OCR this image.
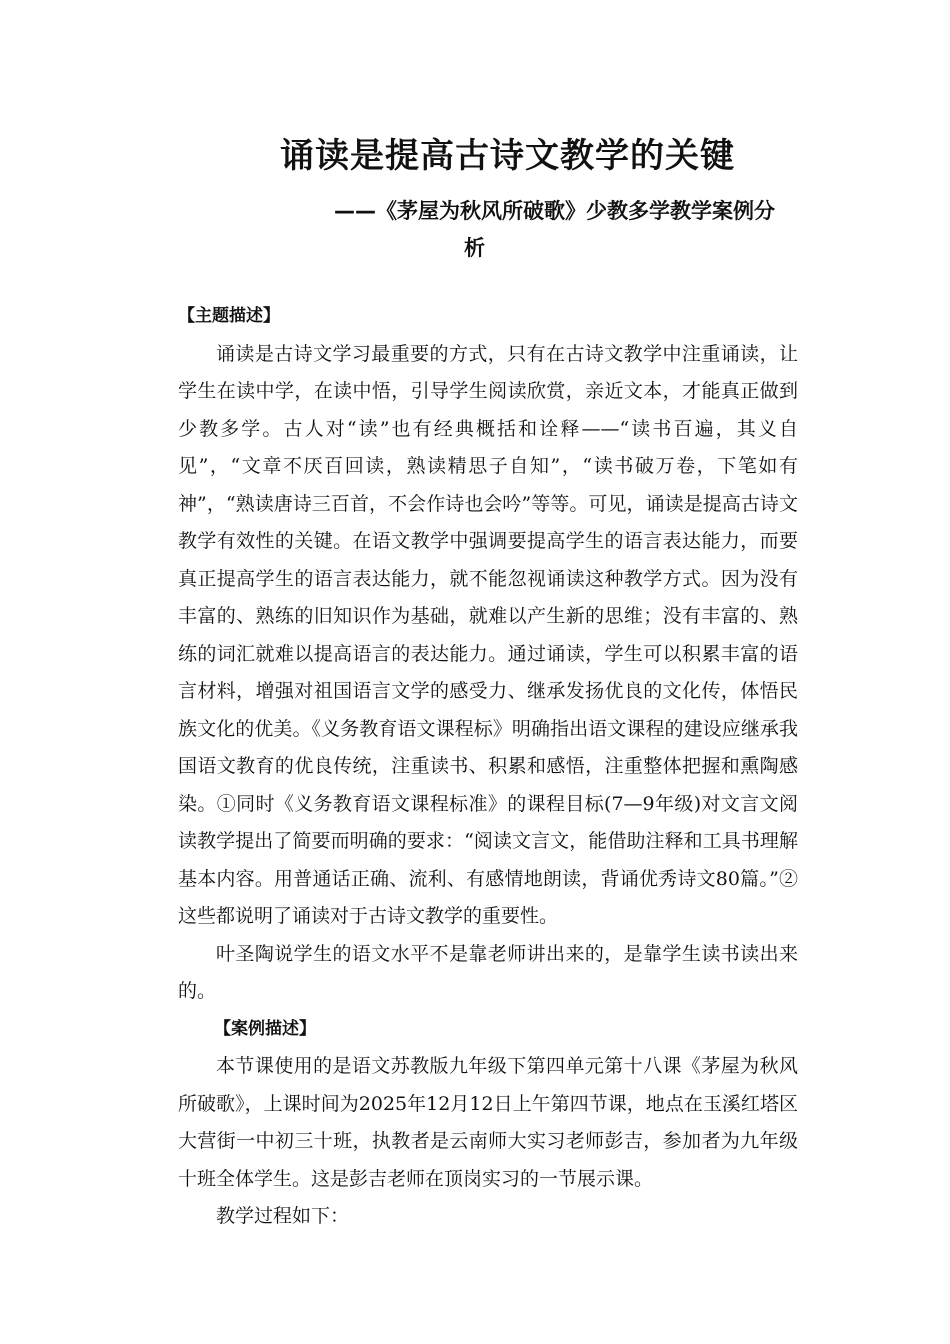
诵读是提高古诗文教学的关键
——《茅屋为秋风所破歌》少教多学教学案例分
析

【主题描述】

诵读是古诗文学习最重要的方式，只有在古诗文教学中注重诵读，让学生在读中学，在读中悟，引导学生阅读欣赏，亲近文本，才能真正做到少教多学。古人对“读”也有经典概括和诠释——“读书百遍，其义自见”，“文章不厌百回读，熟读精思子自知”，“读书破万卷，下笔如有神”，“熟读唐诗三百首，不会作诗也会吟”等等。可见，诵读是提高古诗文教学有效性的关键。在语文教学中强调要提高学生的语言表达能力，而要真正提高学生的语言表达能力，就不能忽视诵读这种教学方式。因为没有丰富的、熟练的旧知识作为基础，就难以产生新的思维；没有丰富的、熟练的词汇就难以提高语言的表达能力。通过诵读，学生可以积累丰富的语言材料，增强对祖国语言文学的感受力、继承发扬优良的文化传，体悟民族文化的优美。《义务教育语文课程标》明确指出语文课程的建设应继承我国语文教育的优良传统，注重读书、积累和感悟，注重整体把握和熏陶感染。①同时《义务教育语文课程标准》的课程目标(7—9年级)对文言文阅读教学提出了简要而明确的要求：“阅读文言文，能借助注释和工具书理解基本内容。用普通话正确、流利、有感情地朗读，背诵优秀诗文80篇。”②这些都说明了诵读对于古诗文教学的重要性。

叶圣陶说学生的语文水平不是靠老师讲出来的，是靠学生读书读出来的。

【案例描述】

本节课使用的是语文苏教版九年级下第四单元第十八课《茅屋为秋风所破歌》，上课时间为2025年12月12日上午第四节课，地点在玉溪红塔区大营街一中初三十班，执教者是云南师大实习老师彭吉，参加者为九年级十班全体学生。这是彭吉老师在顶岗实习的一节展示课。

教学过程如下：
